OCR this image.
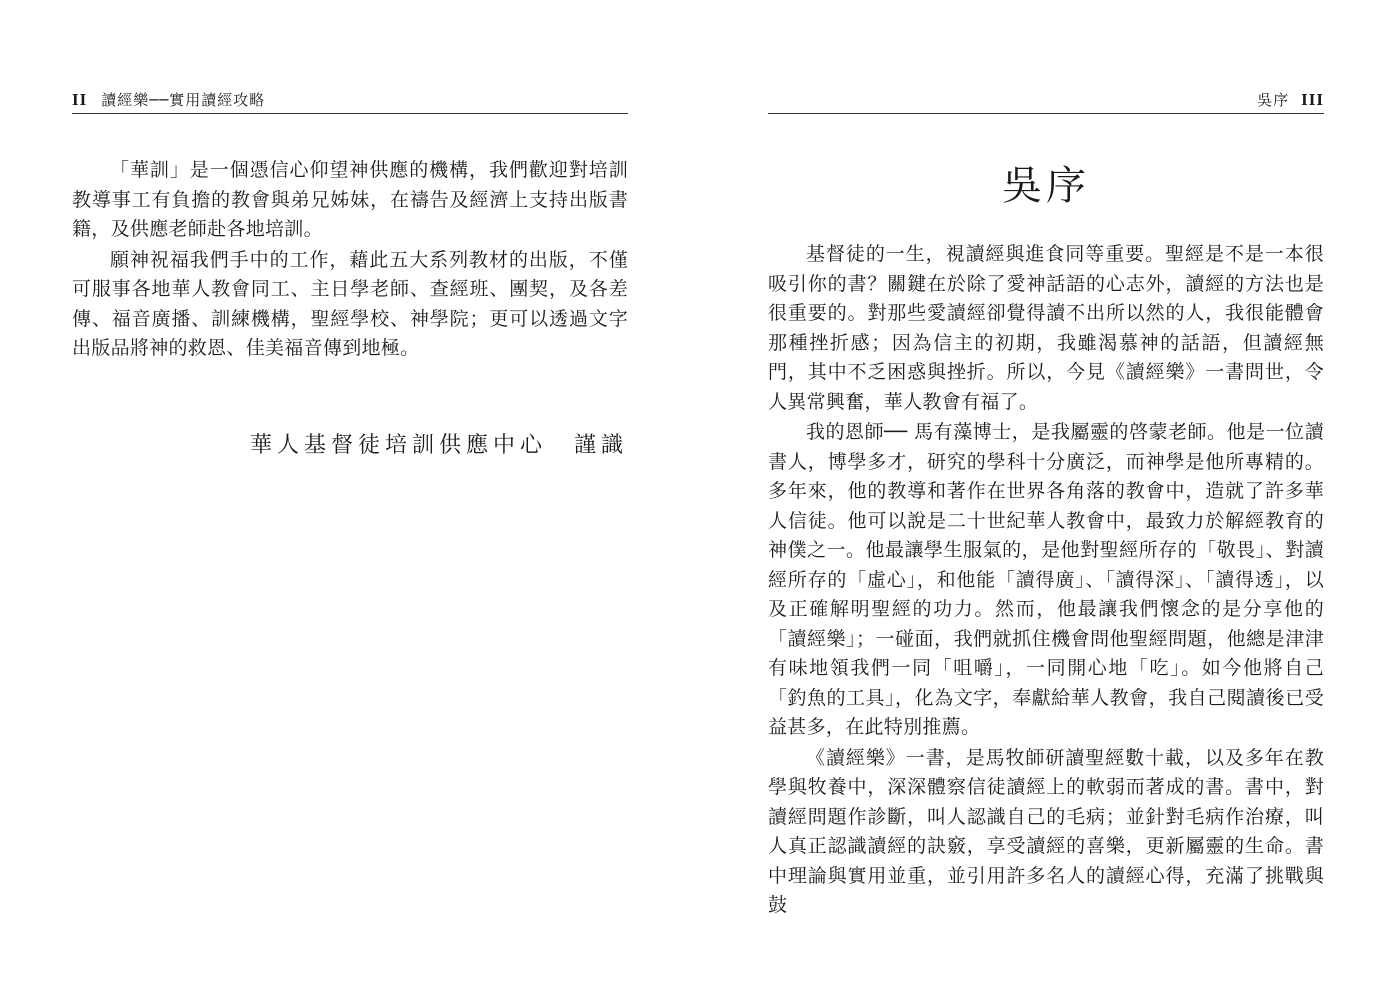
II 讀經樂──實用讀經攻略

「華訓」是一個憑信心仰望神供應的機構，我們歡迎對培訓教導事工有負擔的教會與弟兄姊妹，在禱告及經濟上支持出版書籍，及供應老師赴各地培訓。

願神祝福我們手中的工作，藉此五大系列教材的出版，不僅可服事各地華人教會同工、主日學老師、查經班、團契，及各差傳、福音廣播、訓練機構，聖經學校、神學院；更可以透過文字出版品將神的救恩、佳美福音傳到地極。

華人基督徒培訓供應中心　謹識
吳序 III
吳序

基督徒的一生，視讀經與進食同等重要。聖經是不是一本很吸引你的書？關鍵在於除了愛神話語的心志外，讀經的方法也是很重要的。對那些愛讀經卻覺得讀不出所以然的人，我很能體會那種挫折感；因為信主的初期，我雖渴慕神的話語，但讀經無門，其中不乏困惑與挫折。所以，今見《讀經樂》一書問世，令人異常興奮，華人教會有福了。

我的恩師── 馬有藻博士，是我屬靈的啓蒙老師。他是一位讀書人，博學多才，研究的學科十分廣泛，而神學是他所專精的。多年來，他的教導和著作在世界各角落的教會中，造就了許多華人信徒。他可以說是二十世紀華人教會中，最致力於解經教育的神僕之一。他最讓學生服氣的，是他對聖經所存的「敬畏」、對讀經所存的「虛心」，和他能「讀得廣」、「讀得深」、「讀得透」，以及正確解明聖經的功力。然而，他最讓我們懷念的是分享他的「讀經樂」；一碰面，我們就抓住機會問他聖經問題，他總是津津有味地領我們一同「咀嚼」，一同開心地「吃」。如今他將自己「釣魚的工具」，化為文字，奉獻給華人教會，我自己閱讀後已受益甚多，在此特別推薦。

《讀經樂》一書，是馬牧師研讀聖經數十載，以及多年在教學與牧養中，深深體察信徒讀經上的軟弱而著成的書。書中，對讀經問題作診斷，叫人認識自己的毛病；並針對毛病作治療，叫人真正認識讀經的訣竅，享受讀經的喜樂，更新屬靈的生命。書中理論與實用並重，並引用許多名人的讀經心得，充滿了挑戰與鼓
